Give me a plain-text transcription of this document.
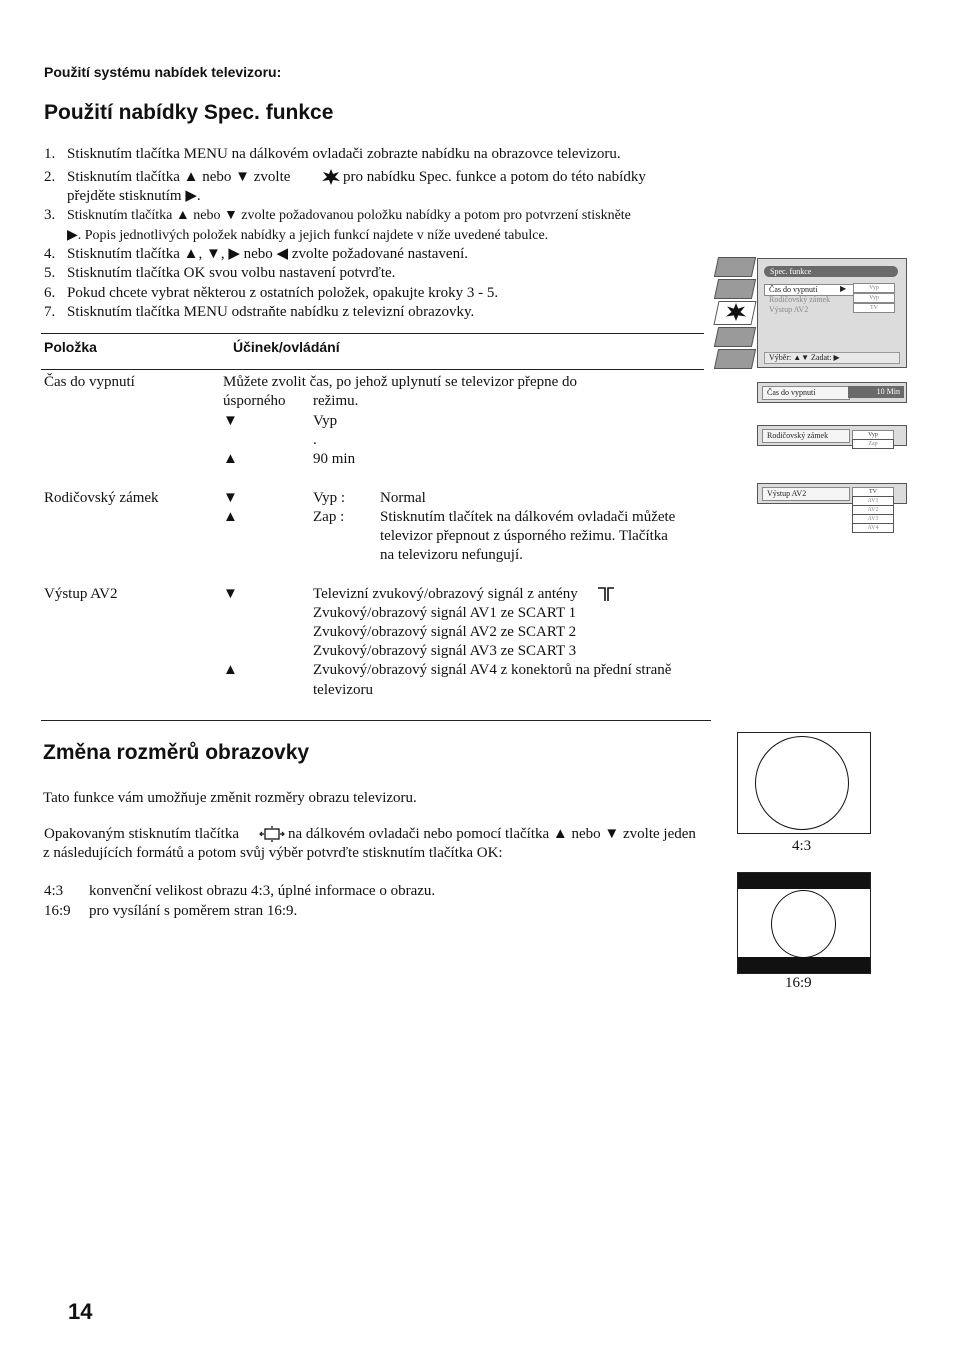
Použití systému nabídek televizoru:
Použití nabídky Spec. funkce
1. Stisknutím tlačítka MENU na dálkovém ovladači zobrazte nabídku na obrazovce televizoru.
2. Stisknutím tlačítka ▲ nebo ▼ zvolte	pro nabídku Spec. funkce a potom do této nabídky
přejděte stisknutím ▶.
3. Stisknutím tlačítka ▲ nebo ▼ zvolte požadovanou položku nabídky a potom pro potvrzení stiskněte
▶. Popis jednotlivých položek nabídky a jejich funkcí najdete v níže uvedené tabulce.
4. Stisknutím tlačítka ▲, ▼, ▶ nebo ◀ zvolte požadované nastavení.
5. Stisknutím tlačítka OK svou volbu nastavení potvrďte.
6. Pokud chcete vybrat některou z ostatních položek, opakujte kroky 3 - 5.
7. Stisknutím tlačítka MENU odstraňte nabídku z televizní obrazovky.
Položka	Účinek/ovládání
Čas do vypnutí	Můžete zvolit čas, po jehož uplynutí se televizor přepne do
úsporného režimu.
▼	Vyp
.
▲	90 min
Rodičovský zámek	▼	Vyp : Normal
▲	Zap : Stisknutím tlačítek na dálkovém ovladači můžete
televizor přepnout z úsporného režimu. Tlačítka
na televizoru nefungují.
Výstup AV2	▼	Televizní zvukový/obrazový signál z antény
Zvukový/obrazový signál AV1 ze SCART 1
Zvukový/obrazový signál AV2 ze SCART 2
Zvukový/obrazový signál AV3 ze SCART 3
▲	Zvukový/obrazový signál AV4 z konektorů na přední straně
televizoru
Spec. funkce
Čas do vypnutí	▶
Rodičovský zámek
Výstup AV2
Vyp
Vyp
TV
Výběr: ▲▼ Zadat: ▶
Čas do vypnutí	10 Min
Rodičovský zámek	Vyp
Zap
Výstup AV2	TV
AV1
AV2
AV3
AV4
Změna rozměrů obrazovky
Tato funkce vám umožňuje změnit rozměry obrazu televizoru.
Opakovaným stisknutím tlačítka	na dálkovém ovladači nebo pomocí tlačítka ▲ nebo ▼ zvolte jeden
z následujících formátů a potom svůj výběr potvrďte stisknutím tlačítka OK:
4:3 konvenční velikost obrazu 4:3, úplné informace o obrazu.
16:9 pro vysílání s poměrem stran 16:9.
4:3
16:9
14
